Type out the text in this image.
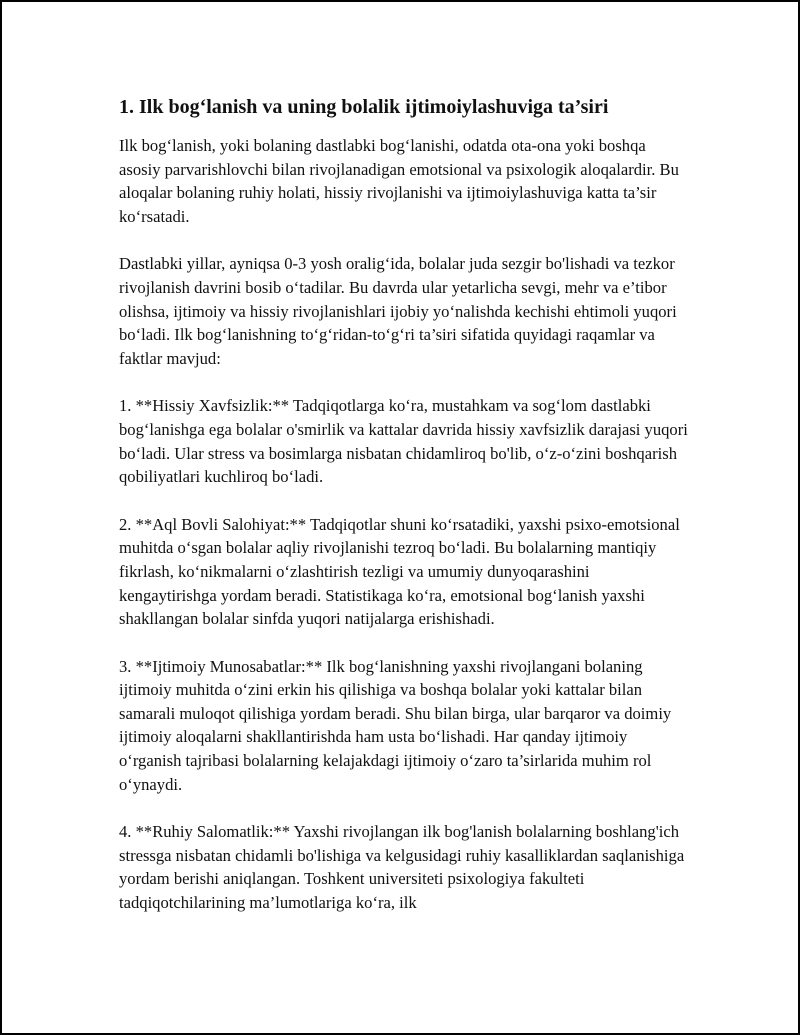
1. Ilk bog‘lanish va uning bolalik ijtimoiylashuviga ta’siri

Ilk bog‘lanish, yoki bolaning dastlabki bog‘lanishi, odatda ota-ona yoki boshqa asosiy parvarishlovchi bilan rivojlanadigan emotsional va psixologik aloqalardir. Bu aloqalar bolaning ruhiy holati, hissiy rivojlanishi va ijtimoiylashuviga katta ta’sir ko‘rsatadi.

Dastlabki yillar, ayniqsa 0-3 yosh oralig‘ida, bolalar juda sezgir bo'lishadi va tezkor rivojlanish davrini bosib o‘tadilar. Bu davrda ular yetarlicha sevgi, mehr va e’tibor olishsa, ijtimoiy va hissiy rivojlanishlari ijobiy yo‘nalishda kechishi ehtimoli yuqori bo‘ladi. Ilk bog‘lanishning to‘g‘ridan-to‘g‘ri ta’siri sifatida quyidagi raqamlar va faktlar mavjud:

1. **Hissiy Xavfsizlik:** Tadqiqotlarga ko‘ra, mustahkam va sog‘lom dastlabki bog‘lanishga ega bolalar o'smirlik va kattalar davrida hissiy xavfsizlik darajasi yuqori bo‘ladi. Ular stress va bosimlarga nisbatan chidamliroq bo'lib, o‘z-o‘zini boshqarish qobiliyatlari kuchliroq bo‘ladi.

2. **Aql Bovli Salohiyat:** Tadqiqotlar shuni ko‘rsatadiki, yaxshi psixo-emotsional muhitda o‘sgan bolalar aqliy rivojlanishi tezroq bo‘ladi. Bu bolalarning mantiqiy fikrlash, ko‘nikmalarni o‘zlashtirish tezligi va umumiy dunyoqarashini kengaytirishga yordam beradi. Statistikaga ko‘ra, emotsional bog‘lanish yaxshi shakllangan bolalar sinfda yuqori natijalarga erishishadi.

3. **Ijtimoiy Munosabatlar:** Ilk bog‘lanishning yaxshi rivojlangani bolaning ijtimoiy muhitda o‘zini erkin his qilishiga va boshqa bolalar yoki kattalar bilan samarali muloqot qilishiga yordam beradi. Shu bilan birga, ular barqaror va doimiy ijtimoiy aloqalarni shakllantirishda ham usta bo‘lishadi. Har qanday ijtimoiy o‘rganish tajribasi bolalarning kelajakdagi ijtimoiy o‘zaro ta’sirlarida muhim rol o‘ynaydi.

4. **Ruhiy Salomatlik:** Yaxshi rivojlangan ilk bog'lanish bolalarning boshlang'ich stressga nisbatan chidamli bo'lishiga va kelgusidagi ruhiy kasalliklardan saqlanishiga yordam berishi aniqlangan. Toshkent universiteti psixologiya fakulteti tadqiqotchilarining ma’lumotlariga ko‘ra, ilk
